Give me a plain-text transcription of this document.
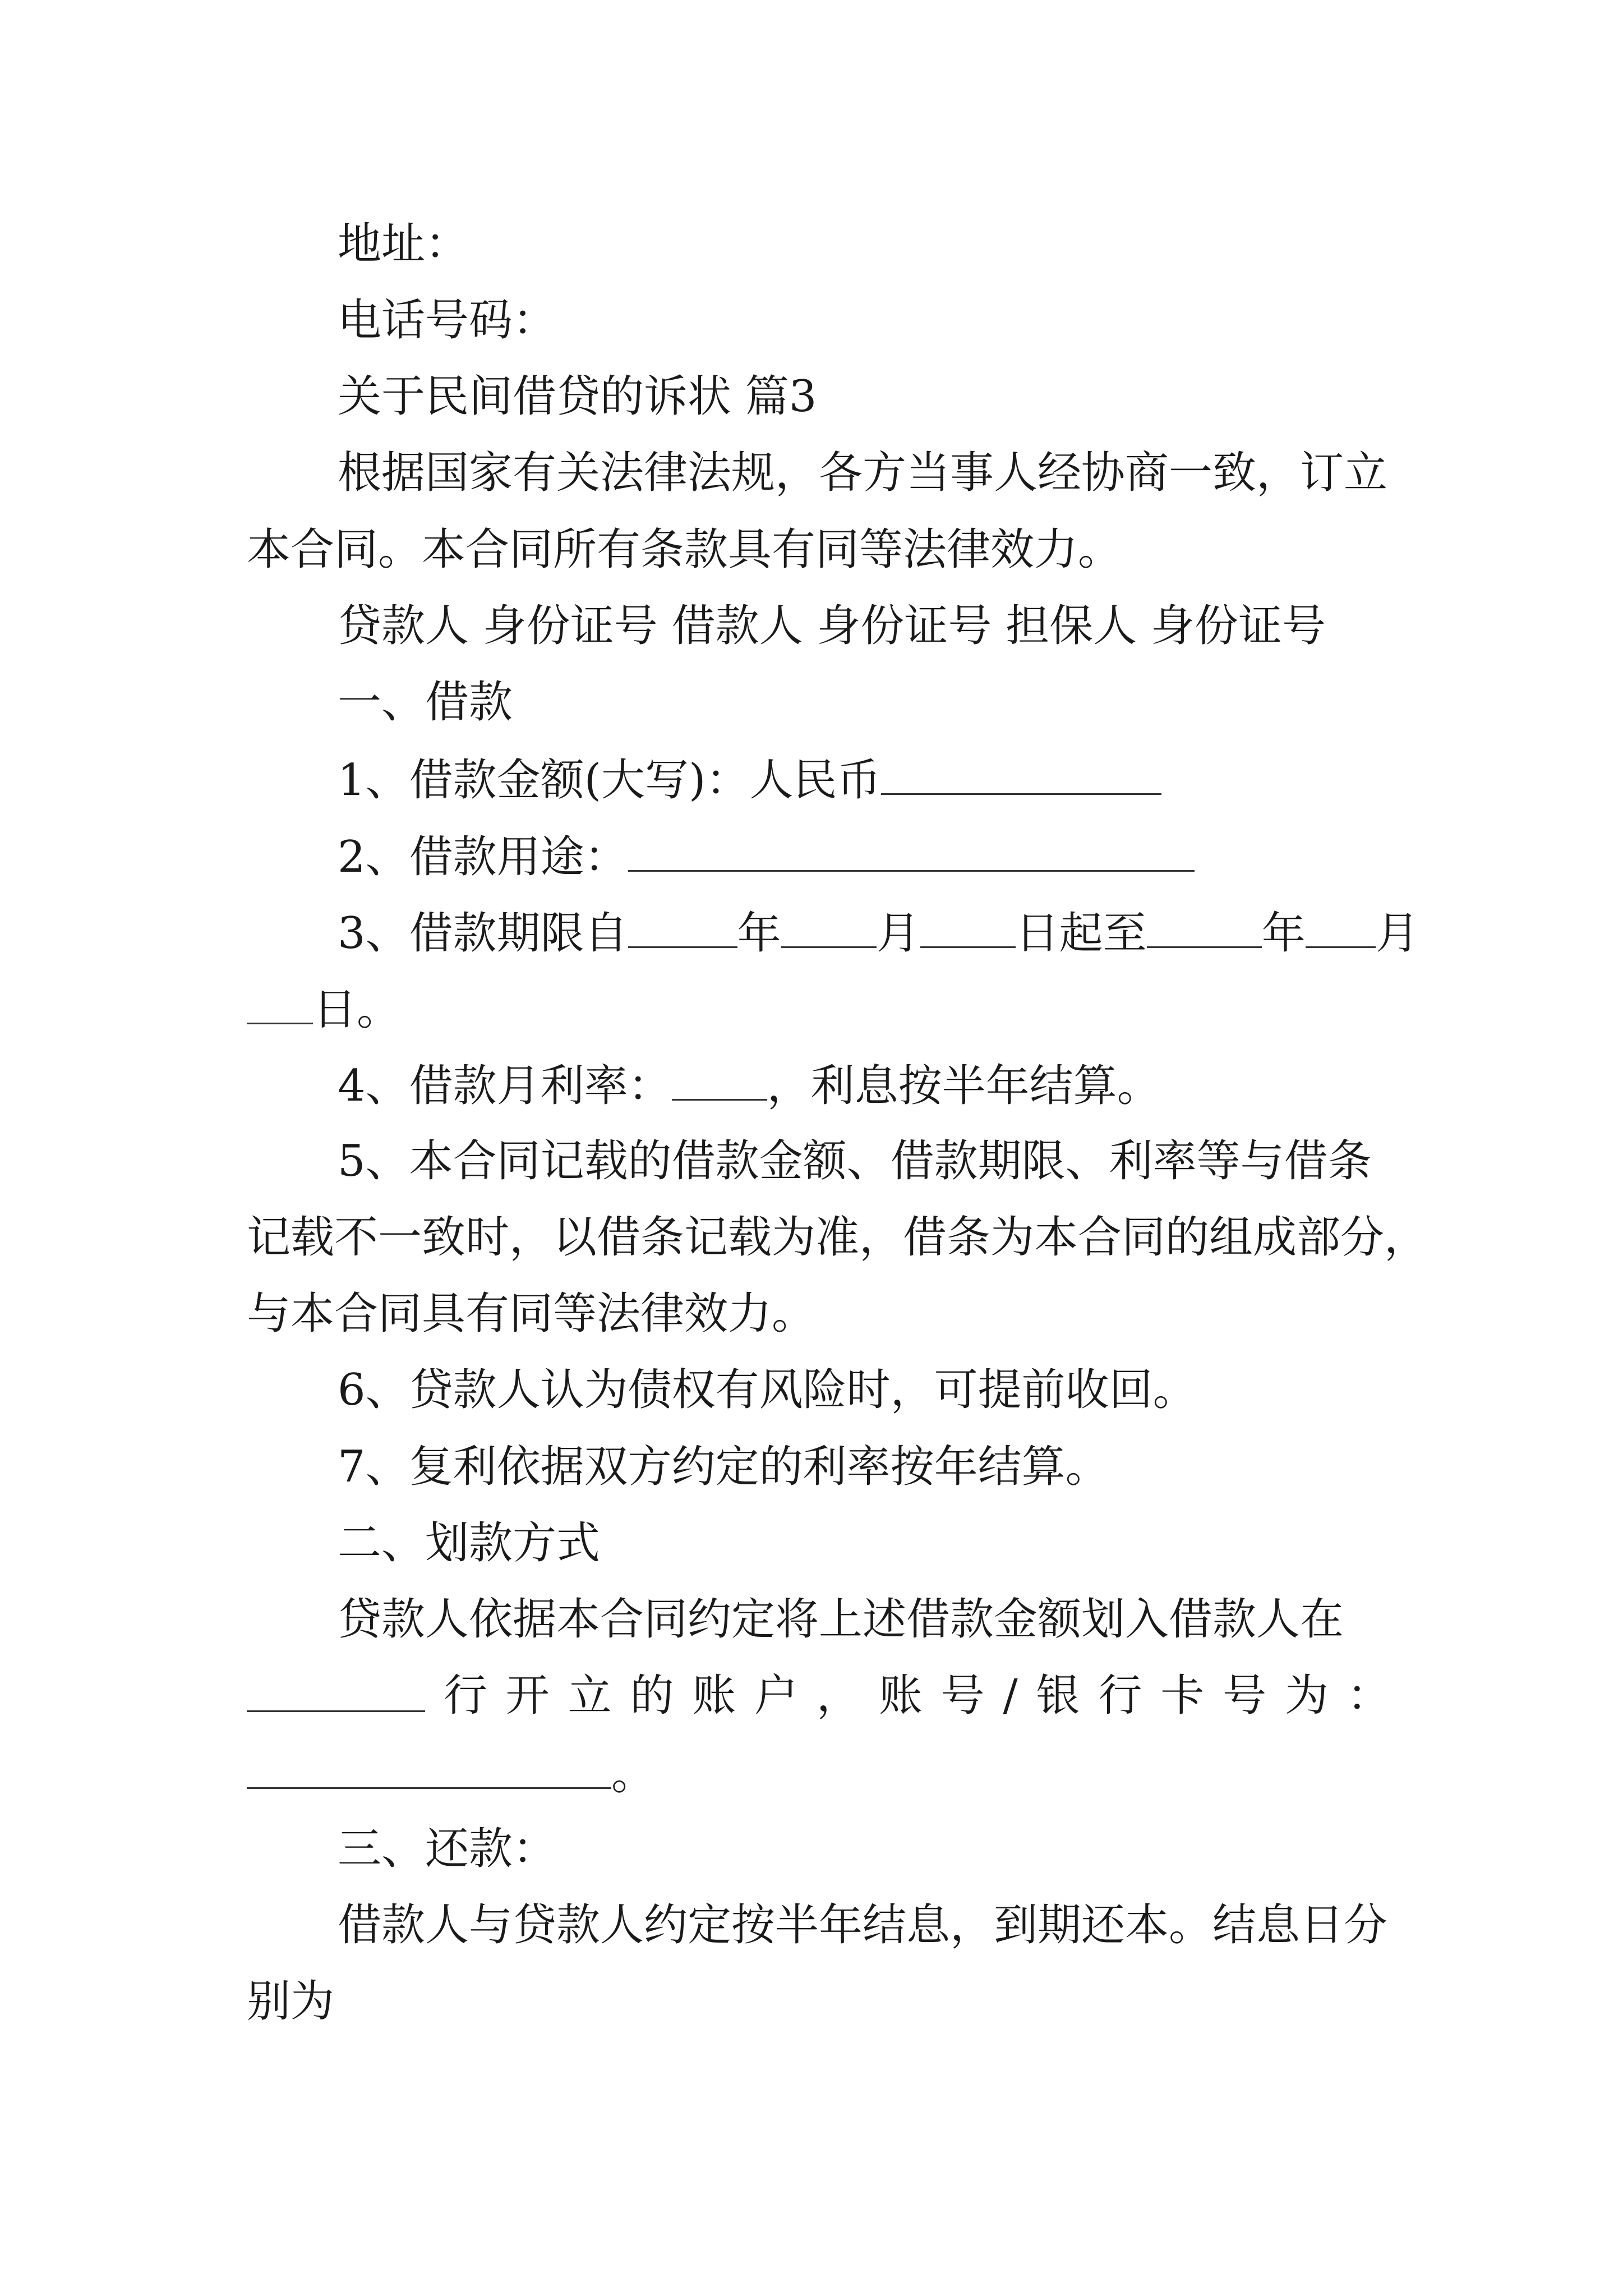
地址：
电话号码：
关于民间借贷的诉状 篇3
根据国家有关法律法规，各方当事人经协商一致，订立
本合同。本合同所有条款具有同等法律效力。
贷款人 身份证号 借款人 身份证号 担保人 身份证号
一、借款
1、借款金额(大写)：人民币
2、借款用途：
3、借款期限自	年 月 日起至	年 月
日。
4、借款月利率： ，利息按半年结算。
5、本合同记载的借款金额、借款期限、利率等与借条
记载不一致时，以借条记载为准，借条为本合同的组成部分，
与本合同具有同等法律效力。
6、贷款人认为债权有风险时，可提前收回。
7、复利依据双方约定的利率按年结算。
二、划款方式
贷款人依据本合同约定将上述借款金额划入借款人在
行 开 立 的 账 户 ， 账 号 / 银 行 卡 号 为 ：
。
三、还款：
借款人与贷款人约定按半年结息，到期还本。结息日分
别为
